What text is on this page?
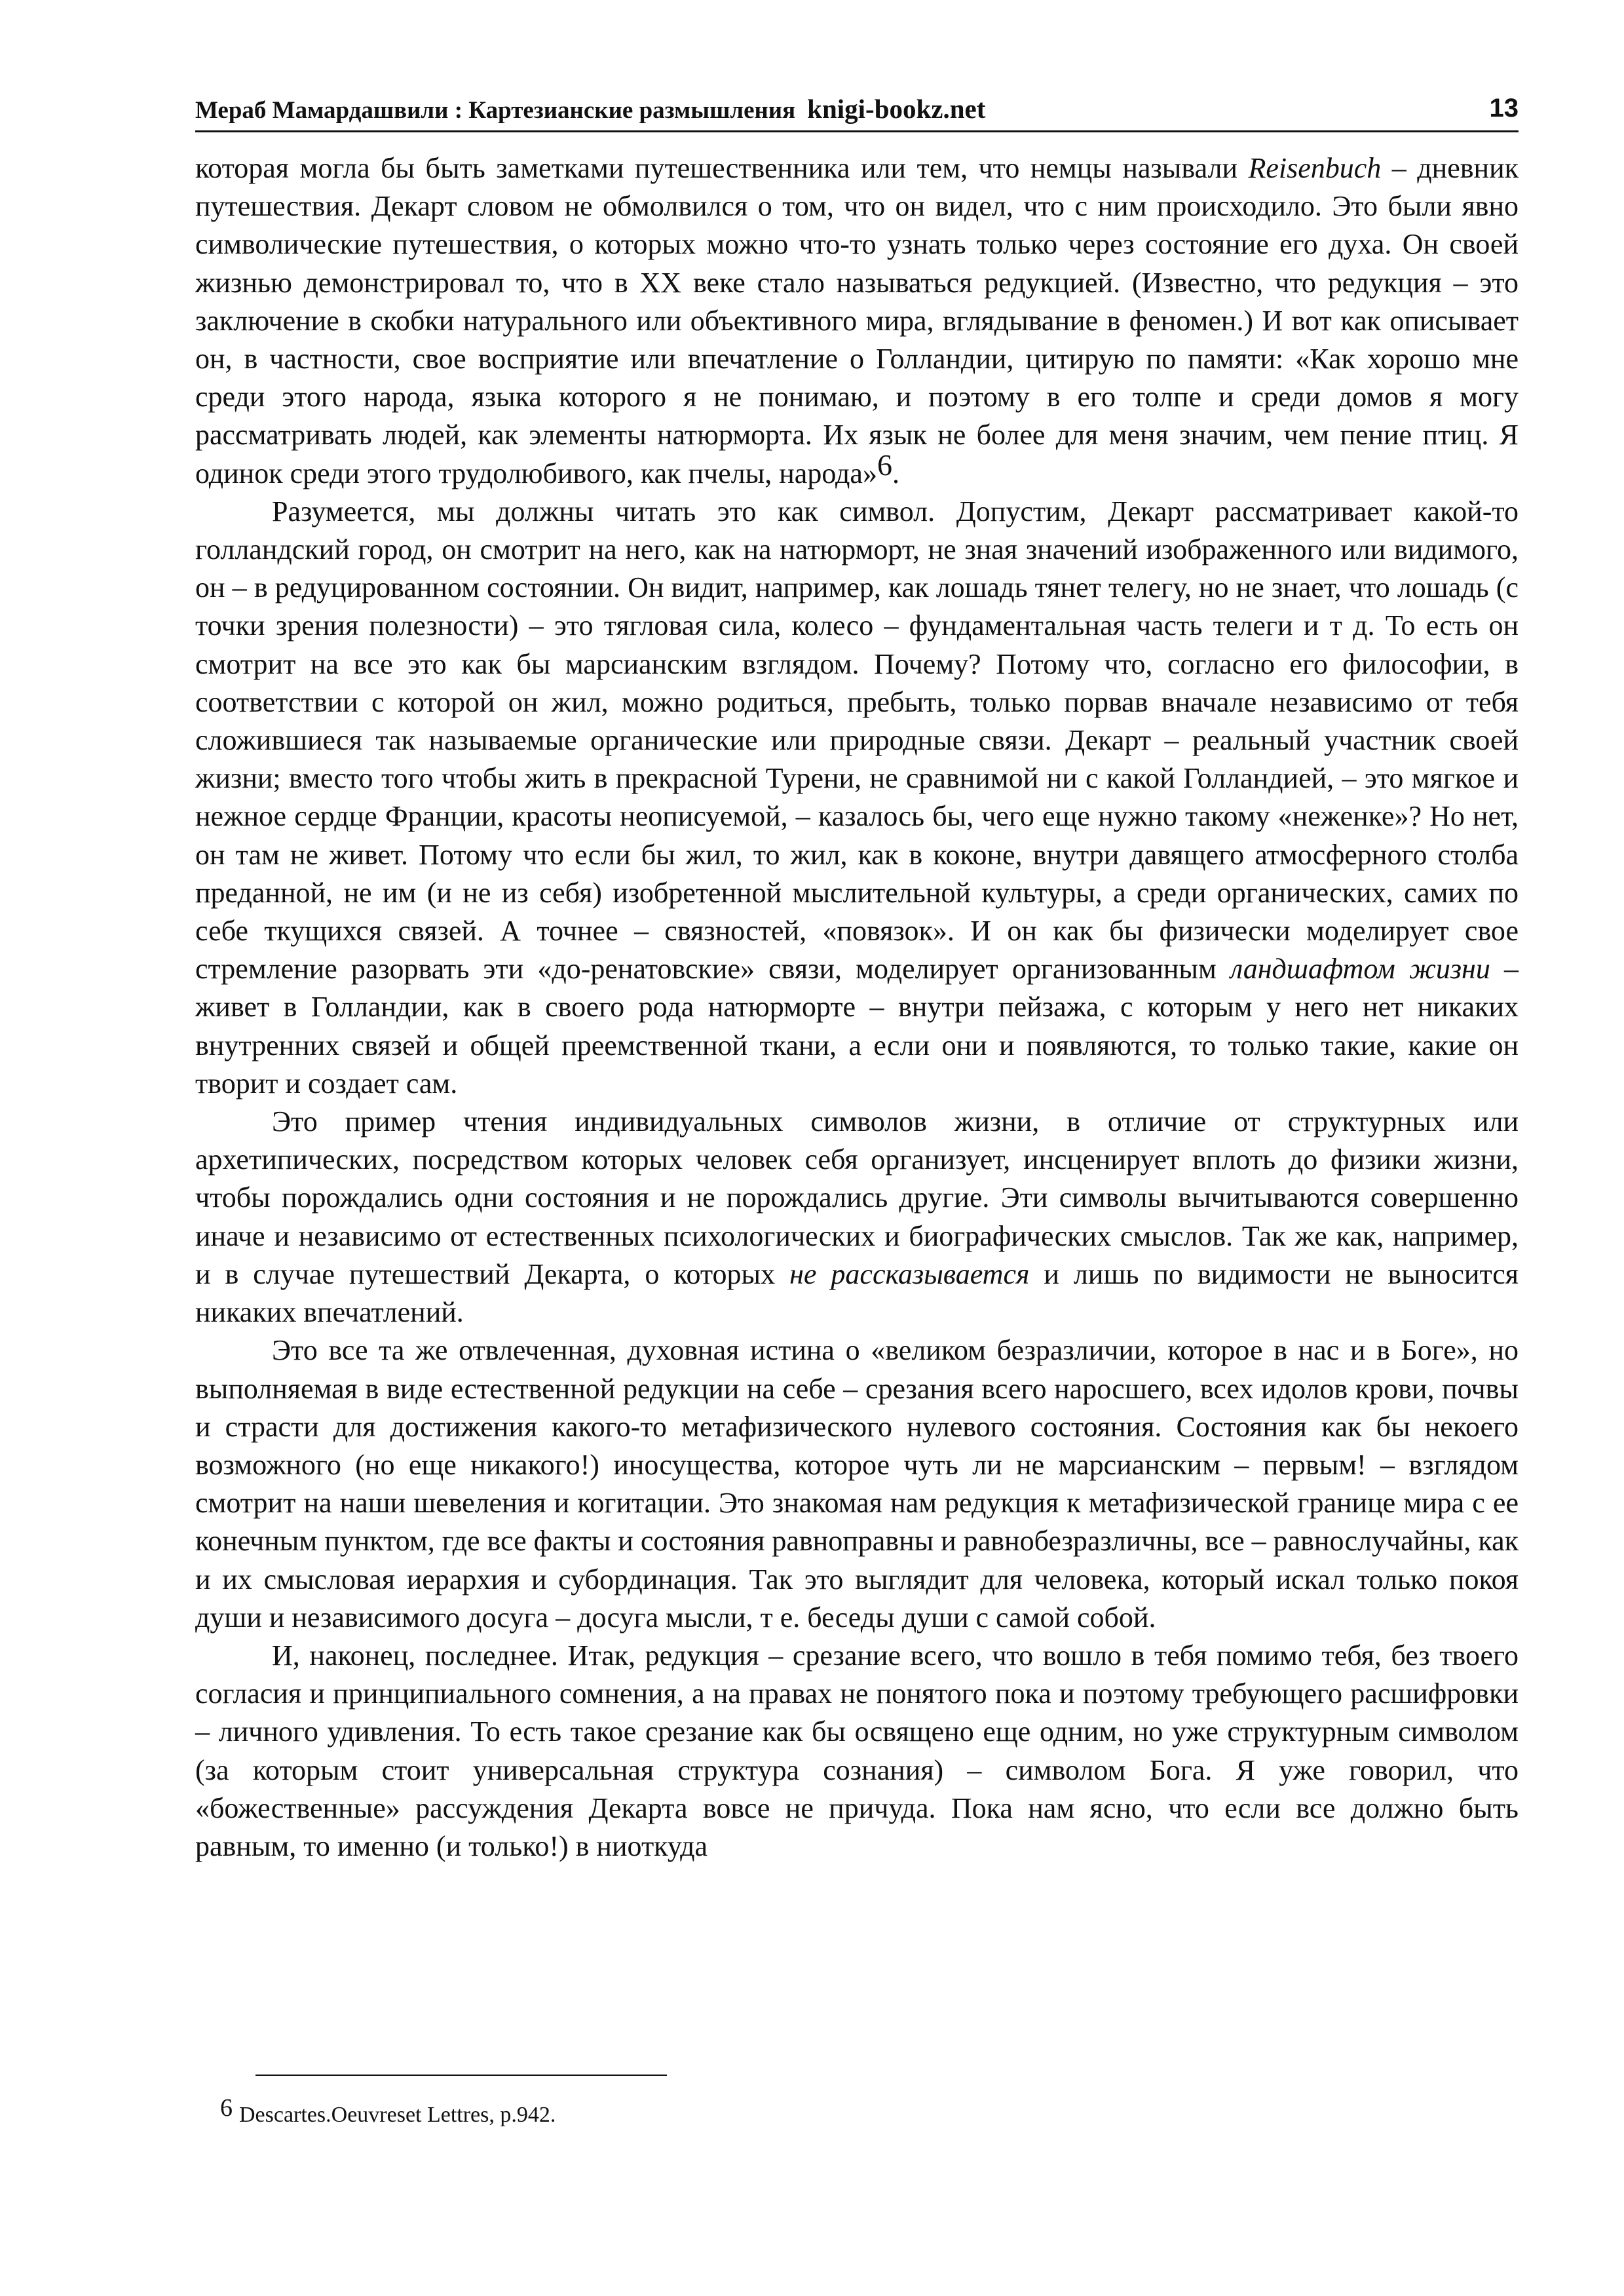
Мераб Мамардашвили : Картезианские размышления knigi-bookz.net	13

которая могла бы быть заметками путешественника или тем, что немцы называли Reisenbuch – дневник путешествия. Декарт словом не обмолвился о том, что он видел, что с ним происходило. Это были явно символические путешествия, о которых можно что-то узнать только через состояние его духа. Он своей жизнью демонстрировал то, что в XX веке стало называться редукцией. (Известно, что редукция – это заключение в скобки натурального или объективного мира, вглядывание в феномен.) И вот как описывает он, в частности, свое восприятие или впечатление о Голландии, цитирую по памяти: «Как хорошо мне среди этого народа, языка которого я не понимаю, и поэтому в его толпе и среди домов я могу рассматривать людей, как элементы натюрморта. Их язык не более для меня значим, чем пение птиц. Я одинок среди этого трудолюбивого, как пчелы, народа»6.

Разумеется, мы должны читать это как символ. Допустим, Декарт рассматривает какой-то голландский город, он смотрит на него, как на натюрморт, не зная значений изображенного или видимого, он – в редуцированном состоянии. Он видит, например, как лошадь тянет телегу, но не знает, что лошадь (с точки зрения полезности) – это тягловая сила, колесо – фундаментальная часть телеги и т д. То есть он смотрит на все это как бы марсианским взглядом. Почему? Потому что, согласно его философии, в соответствии с которой он жил, можно родиться, пребыть, только порвав вначале независимо от тебя сложившиеся так называемые органические или природные связи. Декарт – реальный участник своей жизни; вместо того чтобы жить в прекрасной Турени, не сравнимой ни с какой Голландией, – это мягкое и нежное сердце Франции, красоты неописуемой, – казалось бы, чего еще нужно такому «неженке»? Но нет, он там не живет. Потому что если бы жил, то жил, как в коконе, внутри давящего атмосферного столба преданной, не им (и не из себя) изобретенной мыслительной культуры, а среди органических, самих по себе ткущихся связей. А точнее – связностей, «повязок». И он как бы физически моделирует свое стремление разорвать эти «до-ренатовские» связи, моделирует организованным ландшафтом жизни – живет в Голландии, как в своего рода натюрморте – внутри пейзажа, с которым у него нет никаких внутренних связей и общей преемственной ткани, а если они и появляются, то только такие, какие он творит и создает сам.

Это пример чтения индивидуальных символов жизни, в отличие от структурных или архетипических, посредством которых человек себя организует, инсценирует вплоть до физики жизни, чтобы порождались одни состояния и не порождались другие. Эти символы вычитываются совершенно иначе и независимо от естественных психологических и биографических смыслов. Так же как, например, и в случае путешествий Декарта, о которых не рассказывается и лишь по видимости не выносится никаких впечатлений.

Это все та же отвлеченная, духовная истина о «великом безразличии, которое в нас и в Боге», но выполняемая в виде естественной редукции на себе – срезания всего наросшего, всех идолов крови, почвы и страсти для достижения какого-то метафизического нулевого состояния. Состояния как бы некоего возможного (но еще никакого!) иносущества, которое чуть ли не марсианским – первым! – взглядом смотрит на наши шевеления и когитации. Это знакомая нам редукция к метафизической границе мира с ее конечным пунктом, где все факты и состояния равноправны и равнобезразличны, все – равнослучайны, как и их смысловая иерархия и субординация. Так это выглядит для человека, который искал только покоя души и независимого досуга – досуга мысли, т е. беседы души с самой собой.

И, наконец, последнее. Итак, редукция – срезание всего, что вошло в тебя помимо тебя, без твоего согласия и принципиального сомнения, а на правах не понятого пока и поэтому требующего расшифровки – личного удивления. То есть такое срезание как бы освящено еще одним, но уже структурным символом (за которым стоит универсальная структура сознания) – символом Бога. Я уже говорил, что «божественные» рассуждения Декарта вовсе не причуда. Пока нам ясно, что если все должно быть равным, то именно (и только!) в ниоткуда

6 Descartes.Oeuvreset Lettres, p.942.
